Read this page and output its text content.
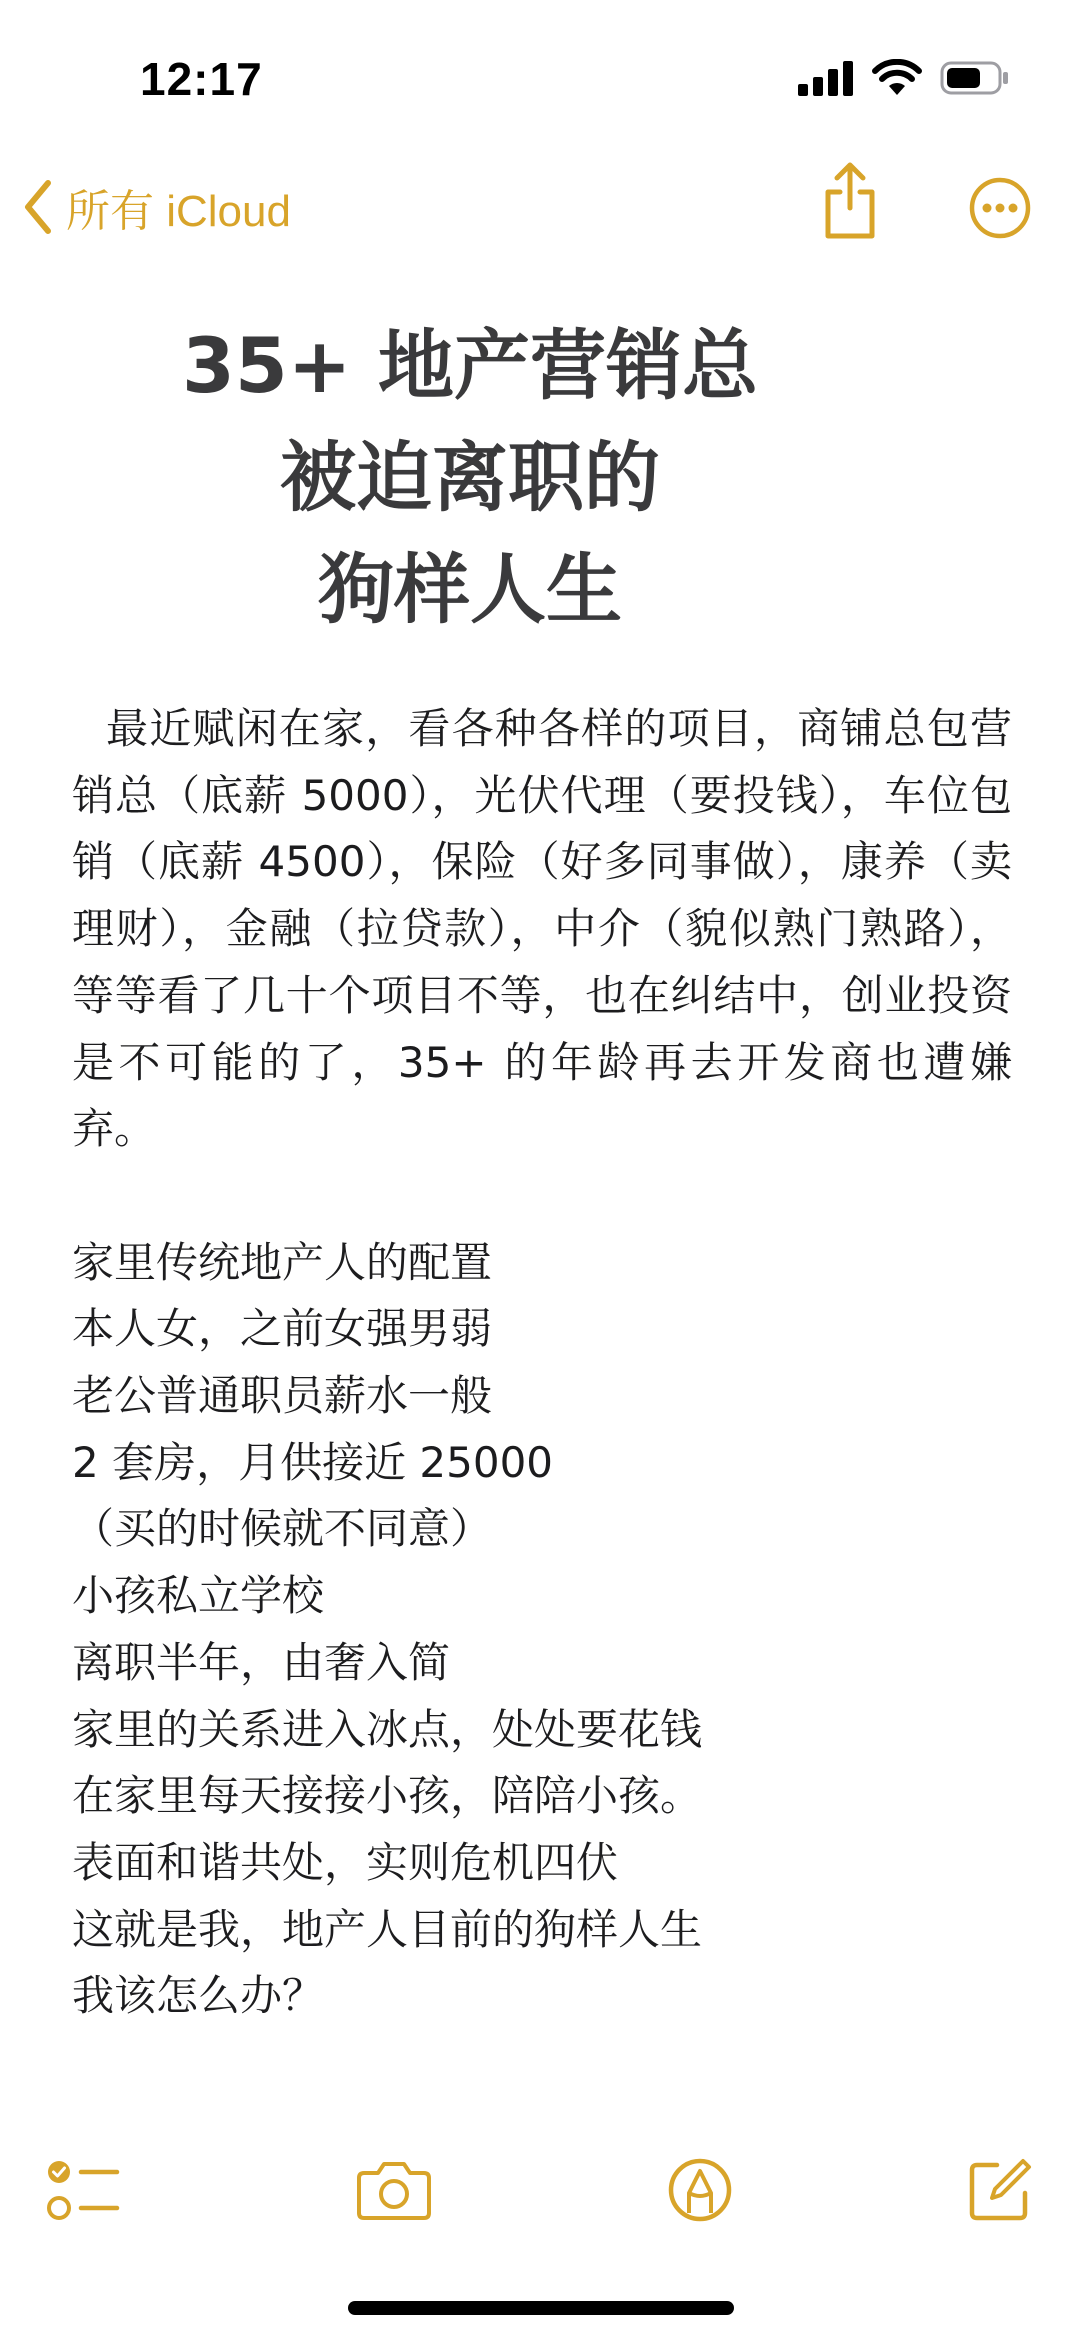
12:17
所有 iCloud
35+ 地产营销总
被迫离职的
狗样人生
最近赋闲在家，看各种各样的项目，商铺总包营销总（底薪 5000），光伏代理（要投钱），车位包销（底薪 4500），保险（好多同事做），康养（卖理财），金融（拉贷款），中介（貌似熟门熟路），等等看了几十个项目不等，也在纠结中，创业投资是不可能的了，35+ 的年龄再去开发商也遭嫌弃。
家里传统地产人的配置
本人女，之前女强男弱
老公普通职员薪水一般
2 套房，月供接近 25000
（买的时候就不同意）
小孩私立学校
离职半年，由奢入简
家里的关系进入冰点，处处要花钱
在家里每天接接小孩，陪陪小孩。
表面和谐共处，实则危机四伏
这就是我，地产人目前的狗样人生
我该怎么办？
